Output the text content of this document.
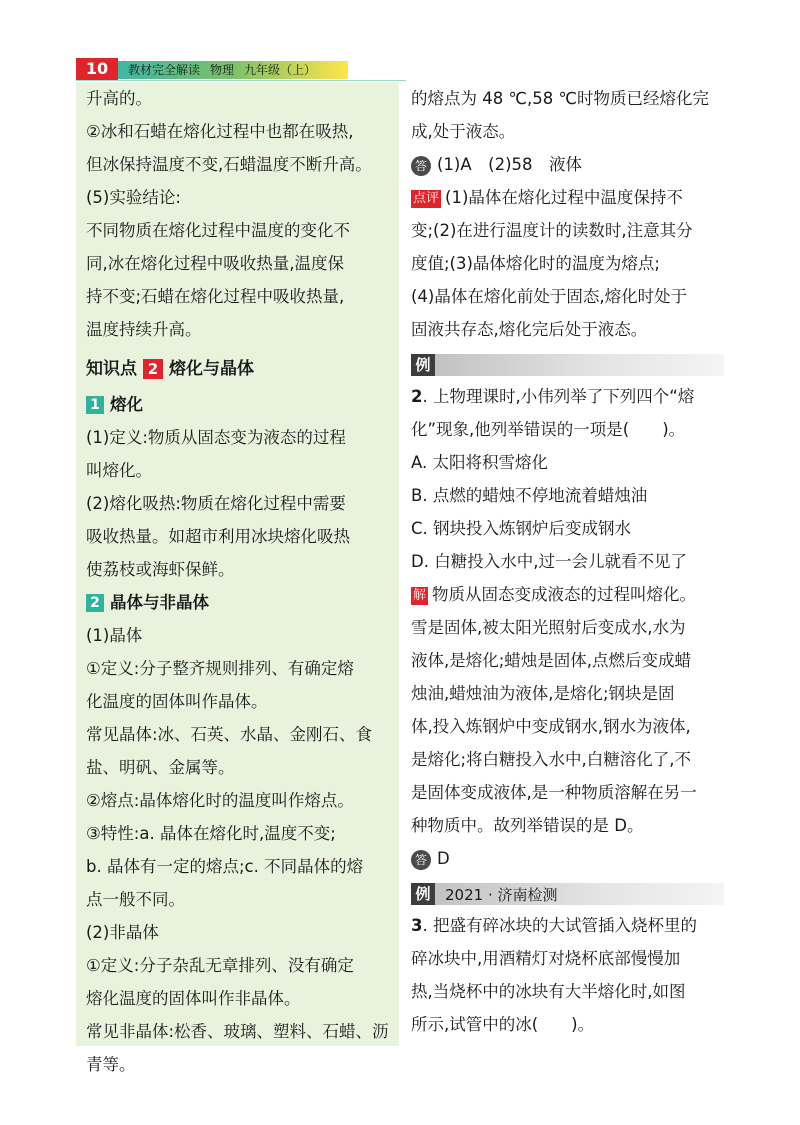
10	教材完全解读 物理 九年级（上）
升高的。
②冰和石蜡在熔化过程中也都在吸热,
但冰保持温度不变,石蜡温度不断升高。
(5)实验结论:
不同物质在熔化过程中温度的变化不
同,冰在熔化过程中吸收热量,温度保
持不变;石蜡在熔化过程中吸收热量,
温度持续升高。
知识点 2 熔化与晶体
1 熔化
(1)定义:物质从固态变为液态的过程
叫熔化。
(2)熔化吸热:物质在熔化过程中需要
吸收热量。如超市利用冰块熔化吸热
使荔枝或海虾保鲜。
2 晶体与非晶体
(1)晶体
①定义:分子整齐规则排列、有确定熔
化温度的固体叫作晶体。
常见晶体:冰、石英、水晶、金刚石、食
盐、明矾、金属等。
②熔点:晶体熔化时的温度叫作熔点。
③特性:a. 晶体在熔化时,温度不变;
b. 晶体有一定的熔点;c. 不同晶体的熔
点一般不同。
(2)非晶体
①定义:分子杂乱无章排列、没有确定
熔化温度的固体叫作非晶体。
常见非晶体:松香、玻璃、塑料、石蜡、沥
青等。
的熔点为 48 ℃,58 ℃时物质已经熔化完
成,处于液态。
答 (1)A　(2)58　液体
点评 (1)晶体在熔化过程中温度保持不
变;(2)在进行温度计的读数时,注意其分
度值;(3)晶体熔化时的温度为熔点;
(4)晶体在熔化前处于固态,熔化时处于
固液共存态,熔化完后处于液态。
例
2. 上物理课时,小伟列举了下列四个“熔
化”现象,他列举错误的一项是(　　)。
A. 太阳将积雪熔化
B. 点燃的蜡烛不停地流着蜡烛油
C. 钢块投入炼钢炉后变成钢水
D. 白糖投入水中,过一会儿就看不见了
解 物质从固态变成液态的过程叫熔化。
雪是固体,被太阳光照射后变成水,水为
液体,是熔化;蜡烛是固体,点燃后变成蜡
烛油,蜡烛油为液体,是熔化;钢块是固
体,投入炼钢炉中变成钢水,钢水为液体,
是熔化;将白糖投入水中,白糖溶化了,不
是固体变成液体,是一种物质溶解在另一
种物质中。故列举错误的是 D。
答 D
例 2021 · 济南检测
3. 把盛有碎冰块的大试管插入烧杯里的
碎冰块中,用酒精灯对烧杯底部慢慢加
热,当烧杯中的冰块有大半熔化时,如图
所示,试管中的冰(　　)。
